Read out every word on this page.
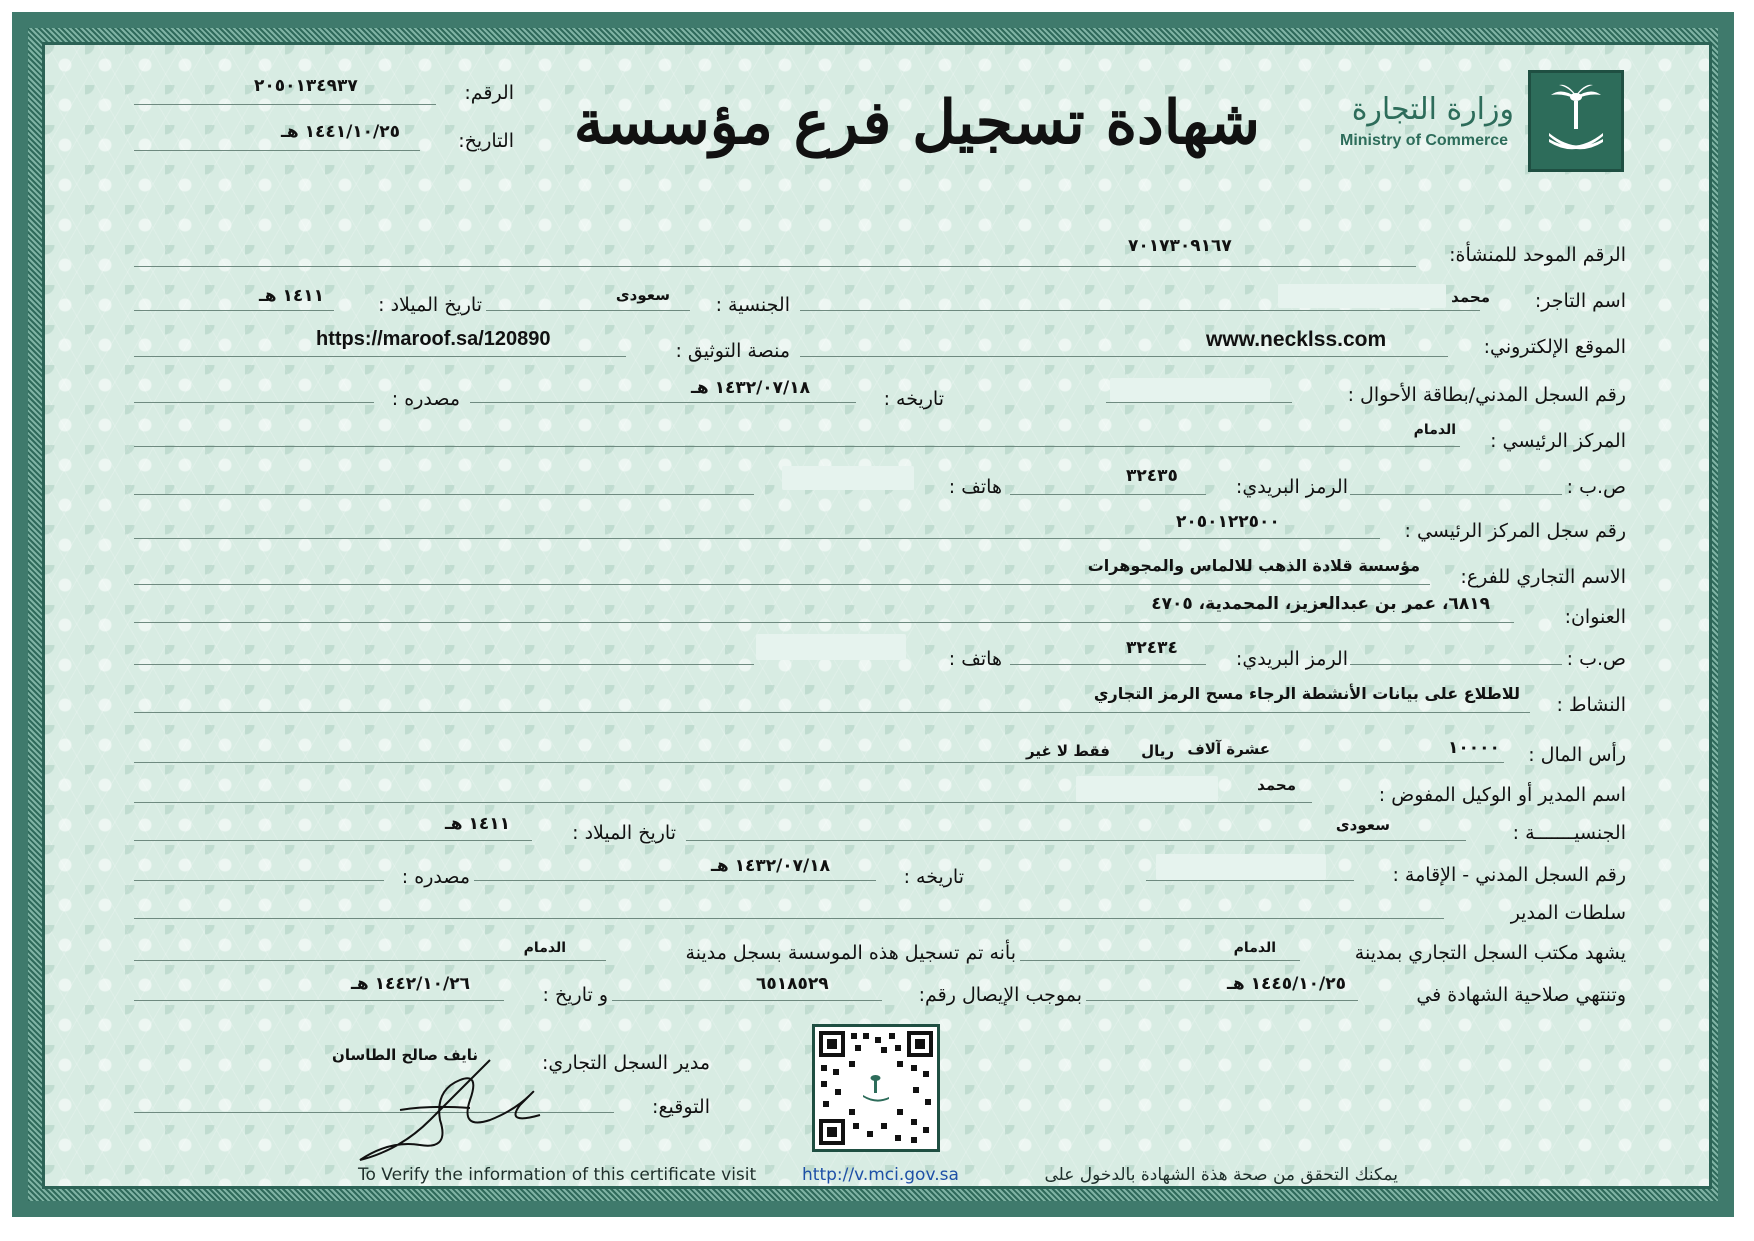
وزارة التجارة
Ministry of Commerce
شهادة تسجيل فرع مؤسسة
الرقم:
٢٠٥٠١٣٤٩٣٧
التاريخ:
١٤٤١/١٠/٢٥ هـ
الرقم الموحد للمنشأة:
٧٠١٧٣٠٩١٦٧
اسم التاجر:
محمد
الجنسية :
سعودى
تاريخ الميلاد :
١٤١١ هـ
الموقع الإلكتروني:
www.necklss.com
منصة التوثيق :
https://maroof.sa/120890
رقم السجل المدني/بطاقة الأحوال :
تاريخه :
١٤٣٢/٠٧/١٨ هـ
مصدره :
المركز الرئيسي :
الدمام
ص.ب :
الرمز البريدي:
٣٢٤٣٥
هاتف :
رقم سجل المركز الرئيسي :
٢٠٥٠١٢٢٥٠٠
الاسم التجاري للفرع:
مؤسسة قلادة الذهب للالماس والمجوهرات
العنوان:
٦٨١٩، عمر بن عبدالعزيز، المحمدية، ٤٧٠٥
ص.ب :
الرمز البريدي:
٣٢٤٣٤
هاتف :
النشاط :
للاطلاع على بيانات الأنشطة الرجاء مسح الرمز التجاري
رأس المال :
١٠٠٠٠
عشرة آلاف
ريال
فقط لا غير
اسم المدير أو الوكيل المفوض :
محمد
الجنسيـــــــة :
سعودى
تاريخ الميلاد :
١٤١١ هـ
رقم السجل المدني - الإقامة :
تاريخه :
١٤٣٢/٠٧/١٨ هـ
مصدره :
سلطات المدير
يشهد مكتب السجل التجاري بمدينة
الدمام
بأنه تم تسجيل هذه الموسسة بسجل مدينة
الدمام
وتنتهي صلاحية الشهادة في
١٤٤٥/١٠/٢٥ هـ
بموجب الإيصال رقم:
٦٥١٨٥٢٩
و تاريخ :
١٤٤٢/١٠/٢٦ هـ
مدير السجل التجاري:
نايف صالح الطاسان
التوقيع:
To Verify the information of this certificate visit	http://v.mci.gov.sa	يمكنك التحقق من صحة هذة الشهادة بالدخول على
